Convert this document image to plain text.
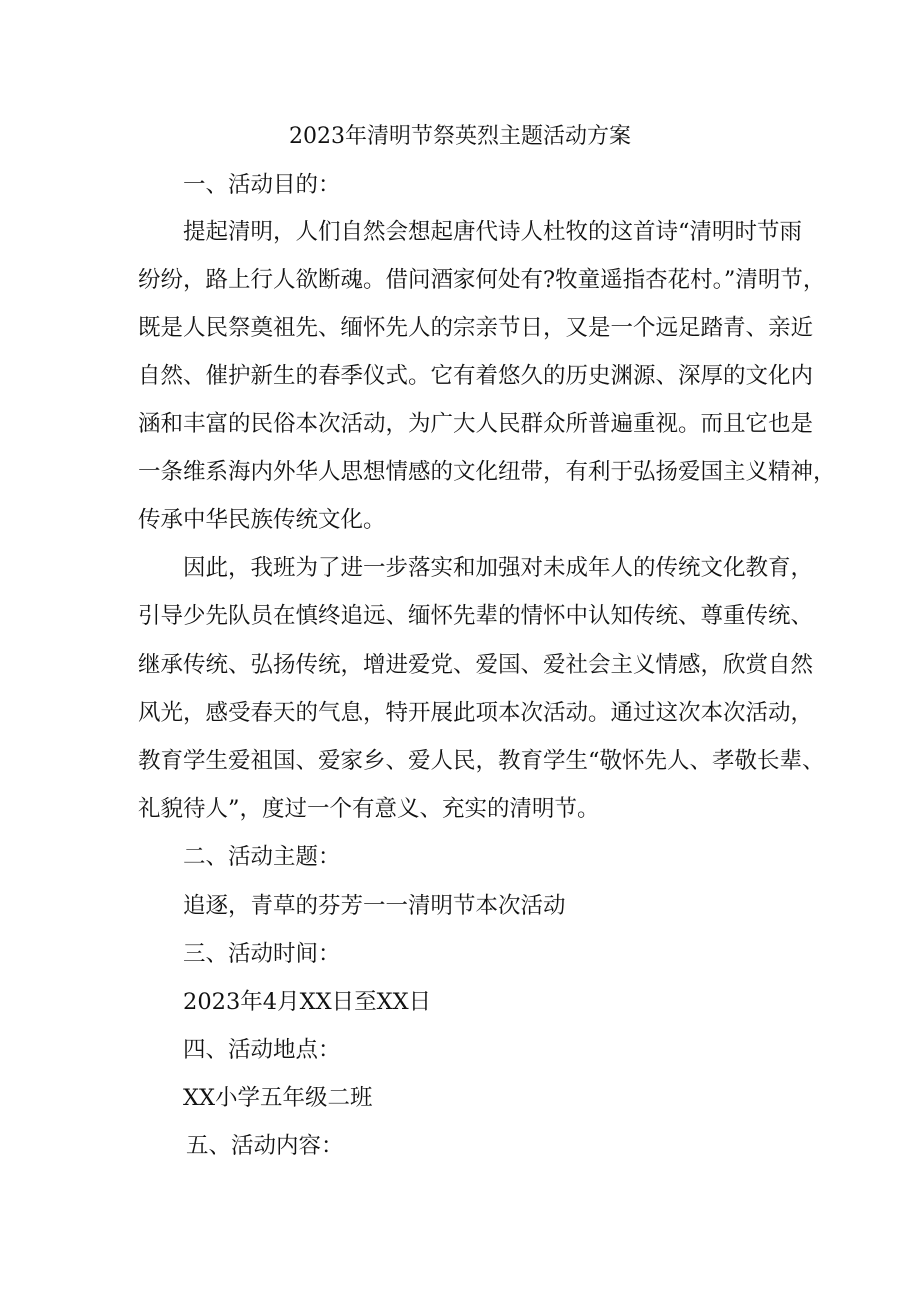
2023年清明节祭英烈主题活动方案
一、活动目的：
提起清明，人们自然会想起唐代诗人杜牧的这首诗“清明时节雨
纷纷，路上行人欲断魂。借问酒家何处有?牧童遥指杏花村。”清明节，
既是人民祭奠祖先、缅怀先人的宗亲节日，又是一个远足踏青、亲近
自然、催护新生的春季仪式。它有着悠久的历史渊源、深厚的文化内
涵和丰富的民俗本次活动，为广大人民群众所普遍重视。而且它也是
一条维系海内外华人思想情感的文化纽带，有利于弘扬爱国主义精神，
传承中华民族传统文化。
因此，我班为了进一步落实和加强对未成年人的传统文化教育，
引导少先队员在慎终追远、缅怀先辈的情怀中认知传统、尊重传统、
继承传统、弘扬传统，增进爱党、爱国、爱社会主义情感，欣赏自然
风光，感受春天的气息，特开展此项本次活动。通过这次本次活动，
教育学生爱祖国、爱家乡、爱人民，教育学生“敬怀先人、孝敬长辈、
礼貌待人”，度过一个有意义、充实的清明节。
二、活动主题：
追逐，青草的芬芳一一清明节本次活动
三、活动时间：
2023年4月XX日至XX日
四、活动地点：
XX小学五年级二班
五、活动内容：
